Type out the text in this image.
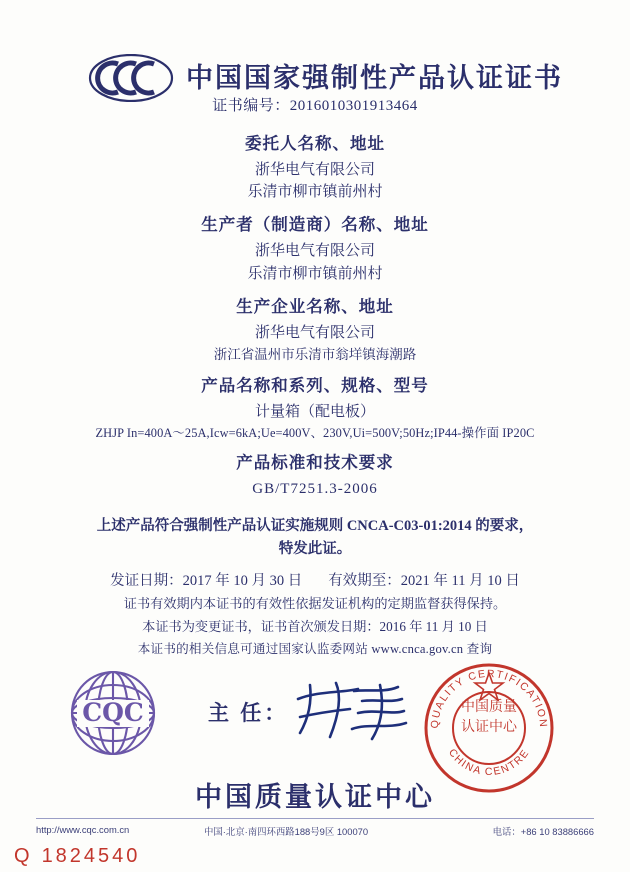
中国国家强制性产品认证证书
证书编号：2016010301913464
委托人名称、地址
浙华电气有限公司
乐清市柳市镇前州村
生产者（制造商）名称、地址
浙华电气有限公司
乐清市柳市镇前州村
生产企业名称、地址
浙华电气有限公司
浙江省温州市乐清市翁垟镇海潮路
产品名称和系列、规格、型号
计量箱（配电板）
ZHJP In=400A～25A,Icw=6kA;Ue=400V、230V,Ui=500V;50Hz;IP44-操作面 IP20C
产品标准和技术要求
GB/T7251.3-2006
上述产品符合强制性产品认证实施规则 CNCA-C03-01:2014 的要求，
特发此证。
发证日期：2017 年 10 月 30 日 有效期至：2021 年 11 月 10 日
证书有效期内本证书的有效性依据发证机构的定期监督获得保持。
本证书为变更证书，证书首次颁发日期：2016 年 11 月 10 日
本证书的相关信息可通过国家认监委网站 www.cnca.gov.cn 查询
CQC	主 任：	QUALITY CERTIFICATION
CHINA CENTRE
中国质量
认证中心
中国质量认证中心
http://www.cqc.com.cn	中国·北京·南四环西路188号9区 100070	电话：+86 10 83886666
Q 1824540
